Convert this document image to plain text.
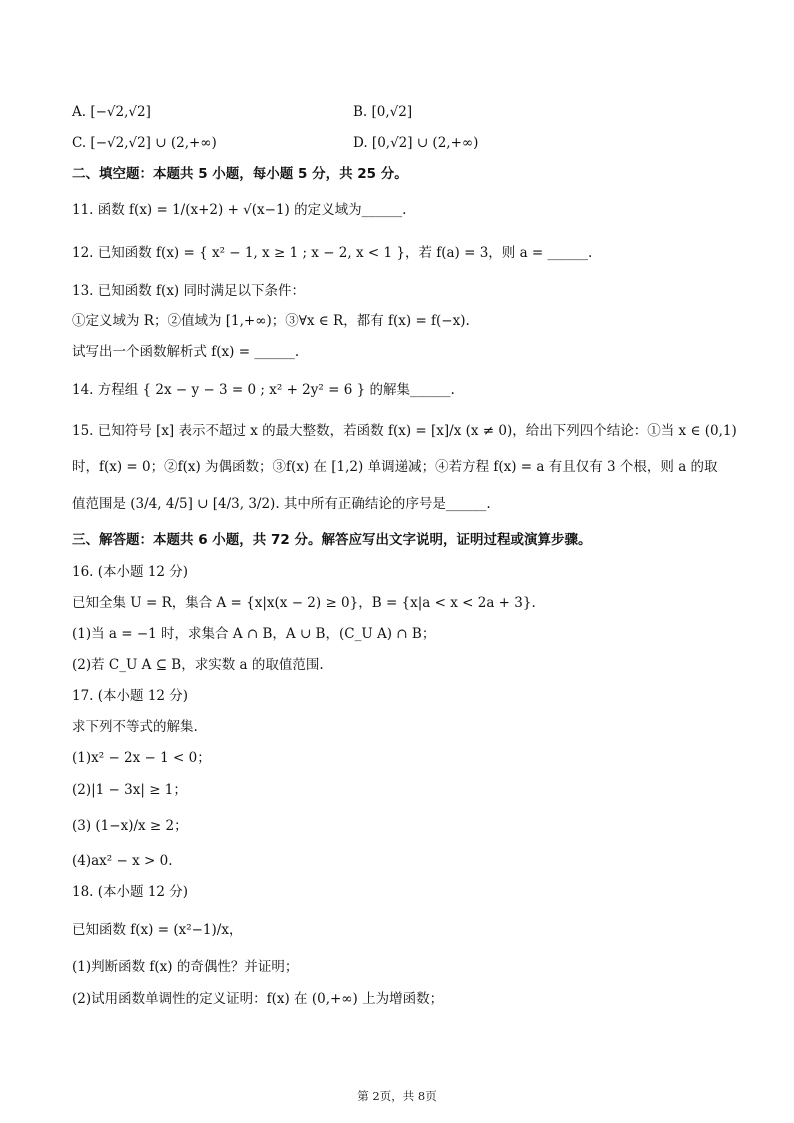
A. [−√2,√2]	B. [0,√2]
C. [−√2,√2] ∪ (2,+∞)	D. [0,√2] ∪ (2,+∞)
二、填空题：本题共 5 小题，每小题 5 分，共 25 分。
11. 函数 f(x) = 1/(x+2) + √(x−1) 的定义域为______.
12. 已知函数 f(x) = { x² − 1, x ≥ 1 ; x − 2, x < 1 }，若 f(a) = 3，则 a = ______.
13. 已知函数 f(x) 同时满足以下条件：
①定义域为 R；②值域为 [1,+∞)；③∀x ∈ R，都有 f(x) = f(−x).
试写出一个函数解析式 f(x) = ______.
14. 方程组 { 2x − y − 3 = 0 ; x² + 2y² = 6 } 的解集______.
15. 已知符号 [x] 表示不超过 x 的最大整数，若函数 f(x) = [x]/x (x ≠ 0)，给出下列四个结论：①当 x ∈ (0,1)
时，f(x) = 0；②f(x) 为偶函数；③f(x) 在 [1,2) 单调递减；④若方程 f(x) = a 有且仅有 3 个根，则 a 的取
值范围是 (3/4, 4/5] ∪ [4/3, 3/2). 其中所有正确结论的序号是______.
三、解答题：本题共 6 小题，共 72 分。解答应写出文字说明，证明过程或演算步骤。
16. (本小题 12 分)
已知全集 U = R，集合 A = {x|x(x − 2) ≥ 0}，B = {x|a < x < 2a + 3}.
(1)当 a = −1 时，求集合 A ∩ B，A ∪ B，(C_U A) ∩ B；
(2)若 C_U A ⊆ B，求实数 a 的取值范围.
17. (本小题 12 分)
求下列不等式的解集.
(1)x² − 2x − 1 < 0；
(2)|1 − 3x| ≥ 1；
(3) (1−x)/x ≥ 2；
(4)ax² − x > 0.
18. (本小题 12 分)
已知函数 f(x) = (x²−1)/x，
(1)判断函数 f(x) 的奇偶性？并证明；
(2)试用函数单调性的定义证明：f(x) 在 (0,+∞) 上为增函数；
第 2页，共 8页
